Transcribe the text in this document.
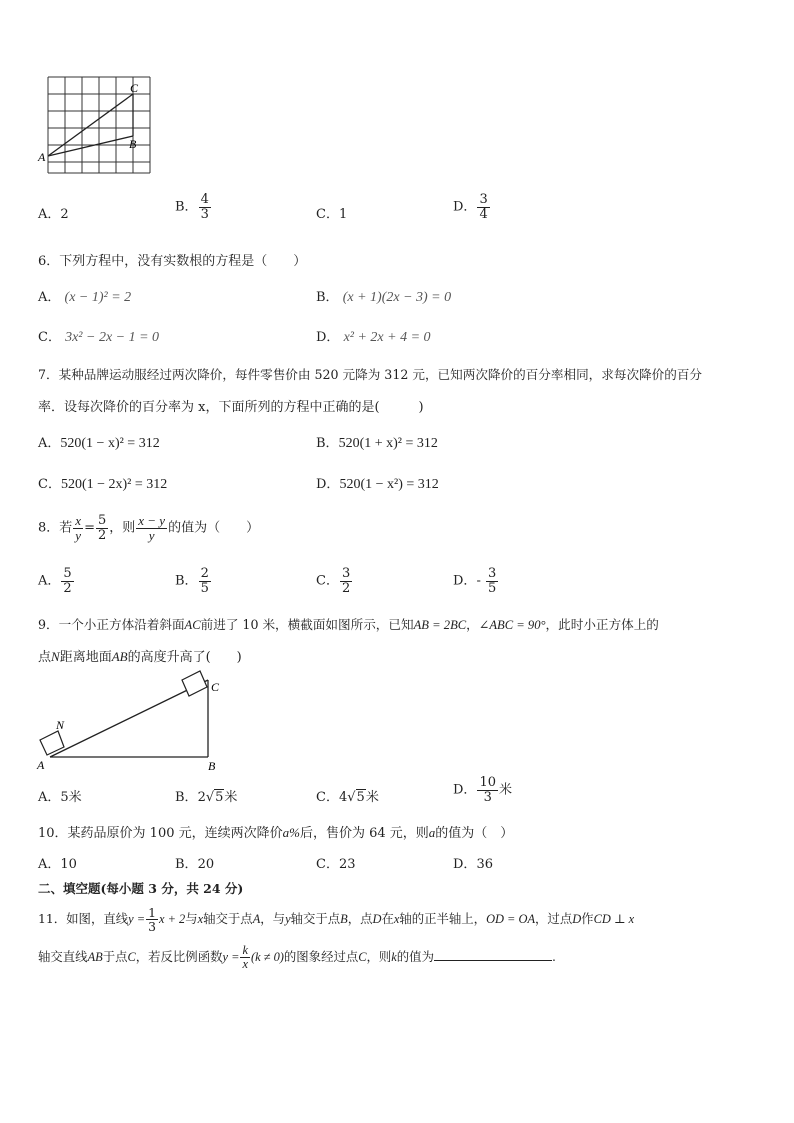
A
C
B
A．2	B． $\frac{4}{3}$	C．1	D． $\frac{3}{4}$
6．下列方程中，没有实数根的方程是（　　）
A． (x − 1)² = 2	B． (x + 1)(2x − 3) = 0
C． 3x² − 2x − 1 = 0	D． x² + 2x + 4 = 0
7．某种品牌运动服经过两次降价，每件零售价由 520 元降为 312 元，已知两次降价的百分率相同，求每次降价的百分
率．设每次降价的百分率为 x，下面所列的方程中正确的是(　　　)
A．520(1 − x)² = 312	B．520(1 + x)² = 312
C．520(1 − 2x)² = 312	D．520(1 − x²) = 312
8．若 $\frac{x}{y} = \frac{5}{2}$ ，则 $\frac{x - y}{y}$ 的值为（　　）
A． $\frac{5}{2}$	B． $\frac{2}{5}$	C． $\frac{3}{2}$	D．- $\frac{3}{5}$
9．一个小正方体沿着斜面AC前进了 10 米，横截面如图所示，已知AB = 2BC，∠ABC = 90°，此时小正方体上的
点N距离地面AB的高度升高了(　　)
N
A	B
C
A．5米	B．2√5米	C．4√5米	D． $\frac{10}{3}$ 米
10．某药品原价为 100 元，连续两次降价a%后，售价为 64 元，则a的值为（　）
A．10	B．20	C．23	D．36
二、填空题(每小题 3 分，共 24 分)
11．如图，直线$y = \frac{1}{3}$ x + 2与x轴交于点A，与y轴交于点B，点D在x轴的正半轴上，OD = OA，过点D作CD ⊥ x
轴交直线AB于点C，若反比例函数$y = \frac{k}{x} (k \ne 0)$的图象经过点C，则k的值为	.
